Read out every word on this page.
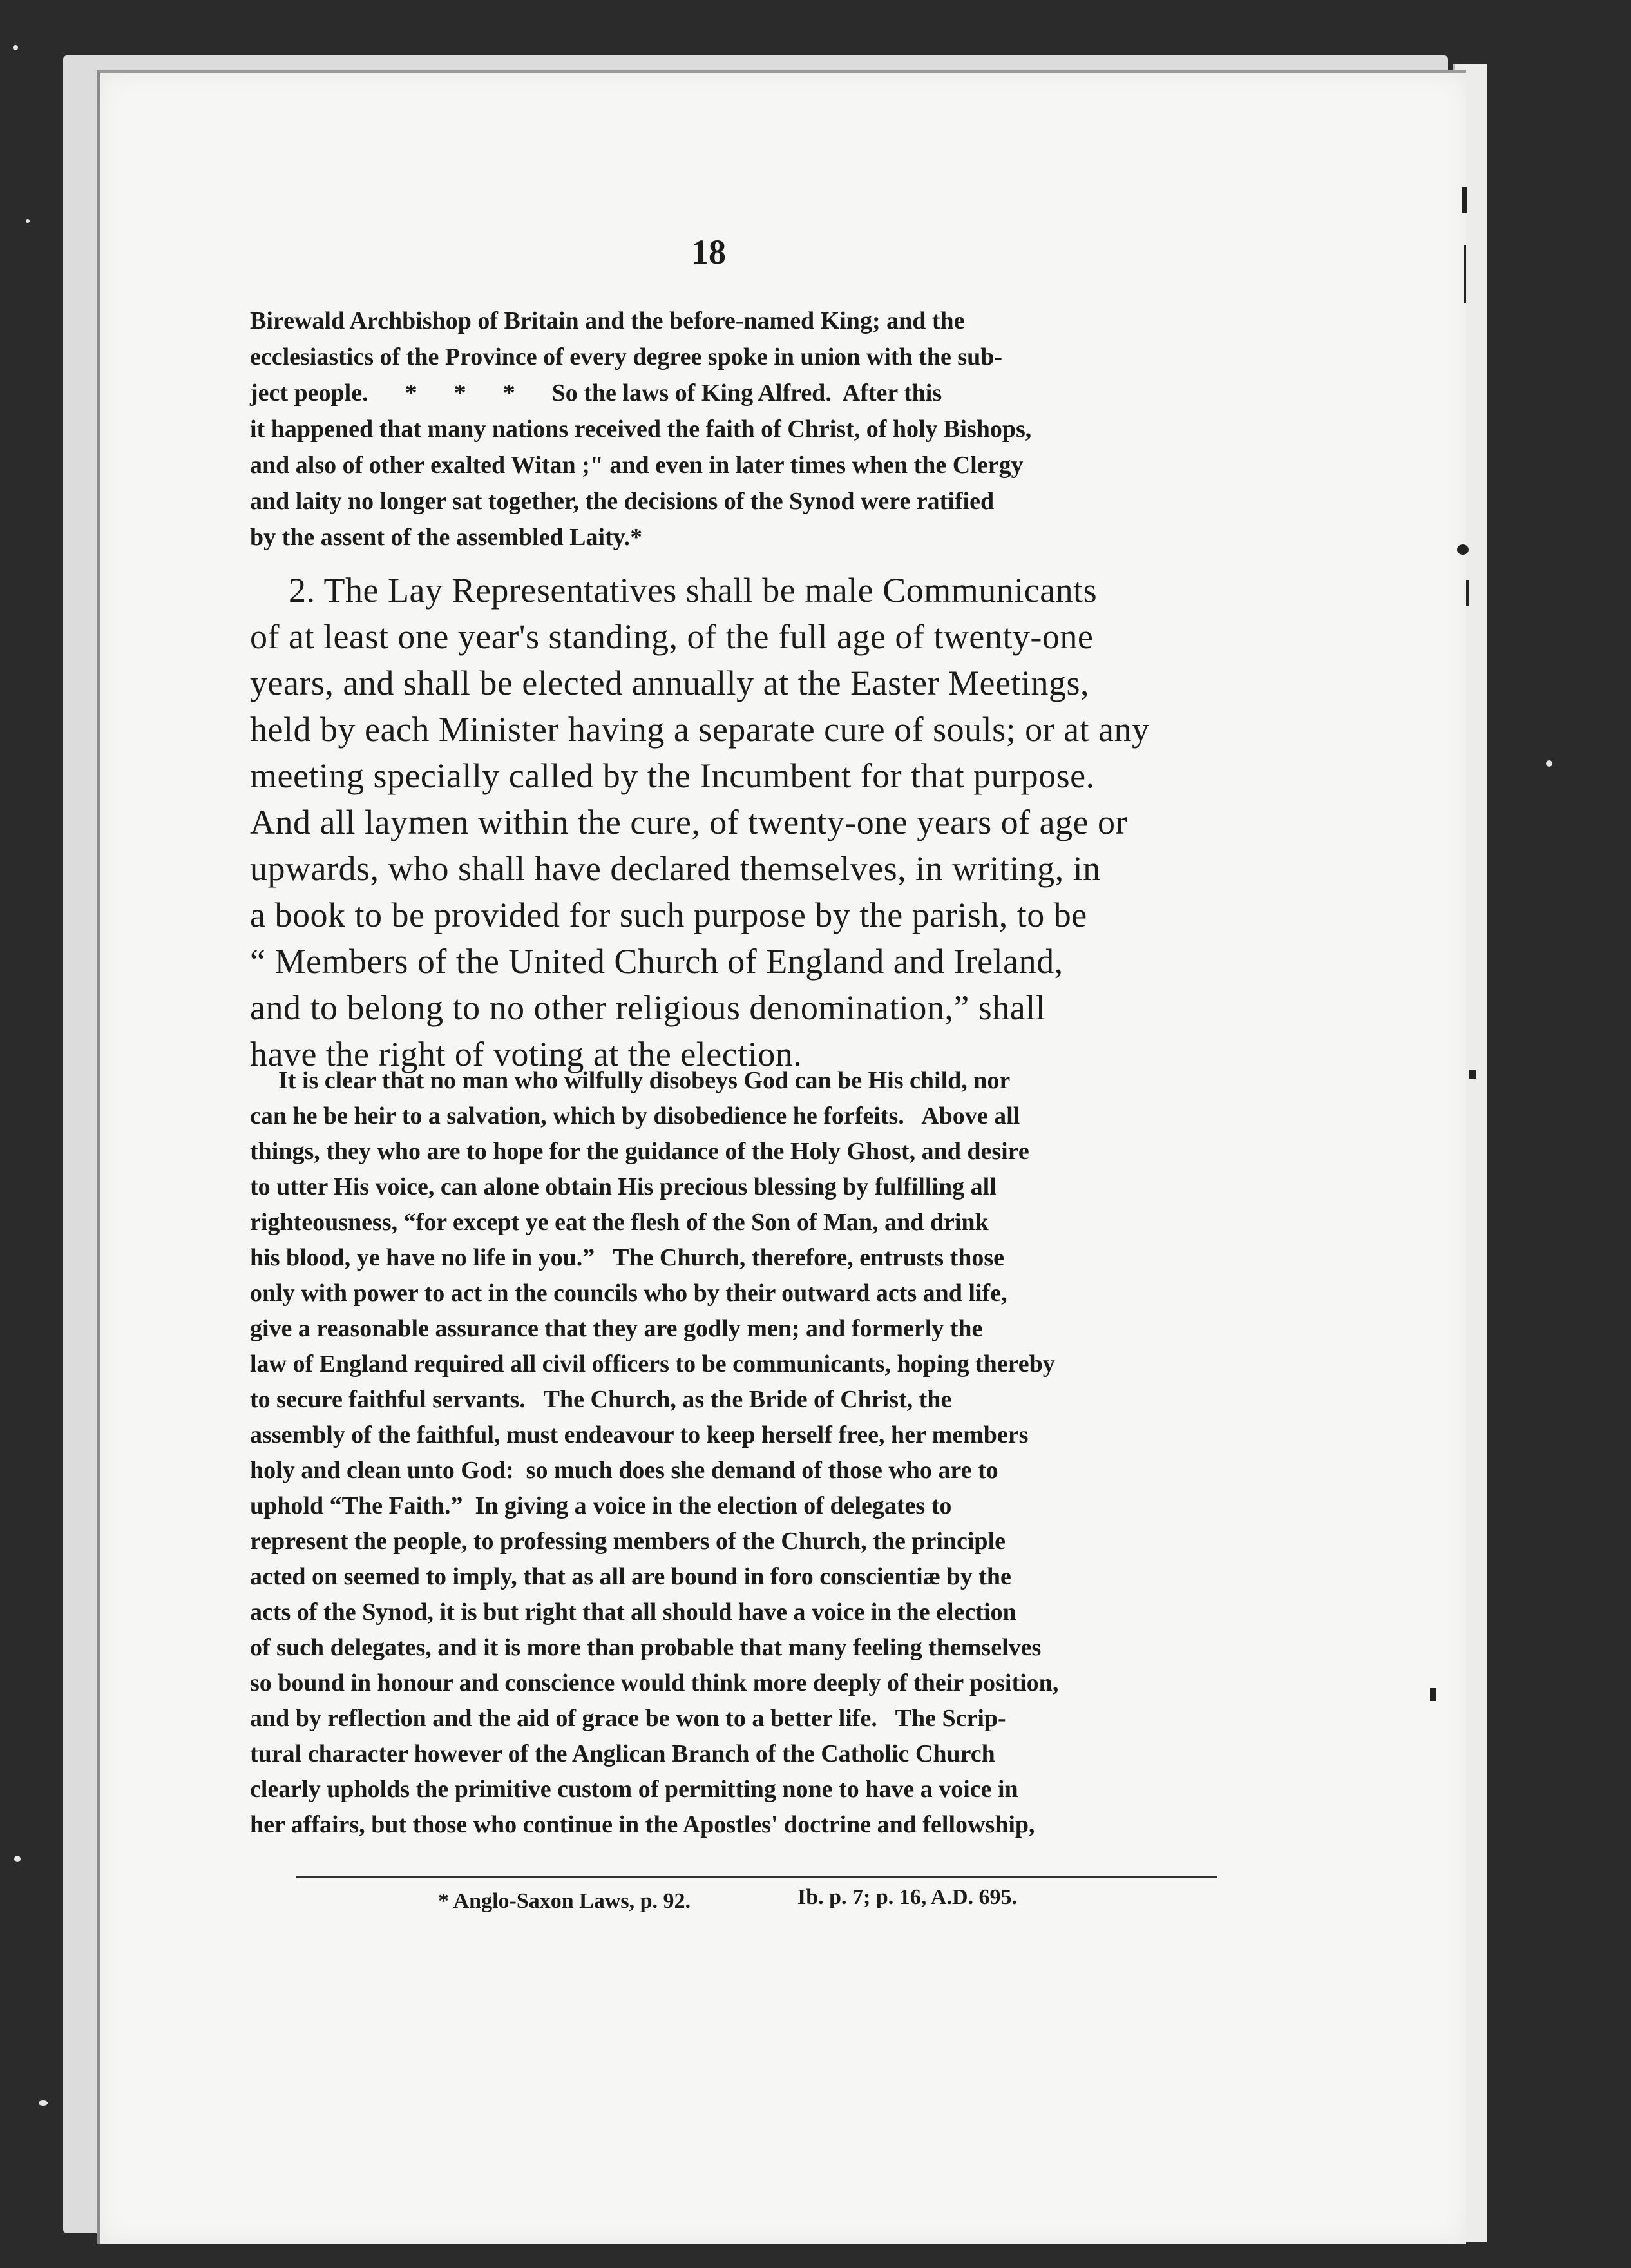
18
Birewald Archbishop of Britain and the before-named King; and the
ecclesiastics of the Province of every degree spoke in union with the sub-
ject people.      *      *      *      So the laws of King Alfred.  After this
it happened that many nations received the faith of Christ, of holy Bishops,
and also of other exalted Witan ;" and even in later times when the Clergy
and laity no longer sat together, the decisions of the Synod were ratified
by the assent of the assembled Laity.*
2. The Lay Representatives shall be male Communicants
of at least one year's standing, of the full age of twenty-one
years, and shall be elected annually at the Easter Meetings,
held by each Minister having a separate cure of souls; or at any
meeting specially called by the Incumbent for that purpose.
And all laymen within the cure, of twenty-one years of age or
upwards, who shall have declared themselves, in writing, in
a book to be provided for such purpose by the parish, to be
“ Members of the United Church of England and Ireland,
and to belong to no other religious denomination,” shall
have the right of voting at the election.
It is clear that no man who wilfully disobeys God can be His child, nor
can he be heir to a salvation, which by disobedience he forfeits.   Above all
things, they who are to hope for the guidance of the Holy Ghost, and desire
to utter His voice, can alone obtain His precious blessing by fulfilling all
righteousness, “for except ye eat the flesh of the Son of Man, and drink
his blood, ye have no life in you.”   The Church, therefore, entrusts those
only with power to act in the councils who by their outward acts and life,
give a reasonable assurance that they are godly men; and formerly the
law of England required all civil officers to be communicants, hoping thereby
to secure faithful servants.   The Church, as the Bride of Christ, the
assembly of the faithful, must endeavour to keep herself free, her members
holy and clean unto God:  so much does she demand of those who are to
uphold “The Faith.”  In giving a voice in the election of delegates to
represent the people, to professing members of the Church, the principle
acted on seemed to imply, that as all are bound in foro conscientiæ by the
acts of the Synod, it is but right that all should have a voice in the election
of such delegates, and it is more than probable that many feeling themselves
so bound in honour and conscience would think more deeply of their position,
and by reflection and the aid of grace be won to a better life.   The Scrip-
tural character however of the Anglican Branch of the Catholic Church
clearly upholds the primitive custom of permitting none to have a voice in
her affairs, but those who continue in the Apostles' doctrine and fellowship,
* Anglo-Saxon Laws, p. 92.	Ib. p. 7; p. 16, A.D. 695.
